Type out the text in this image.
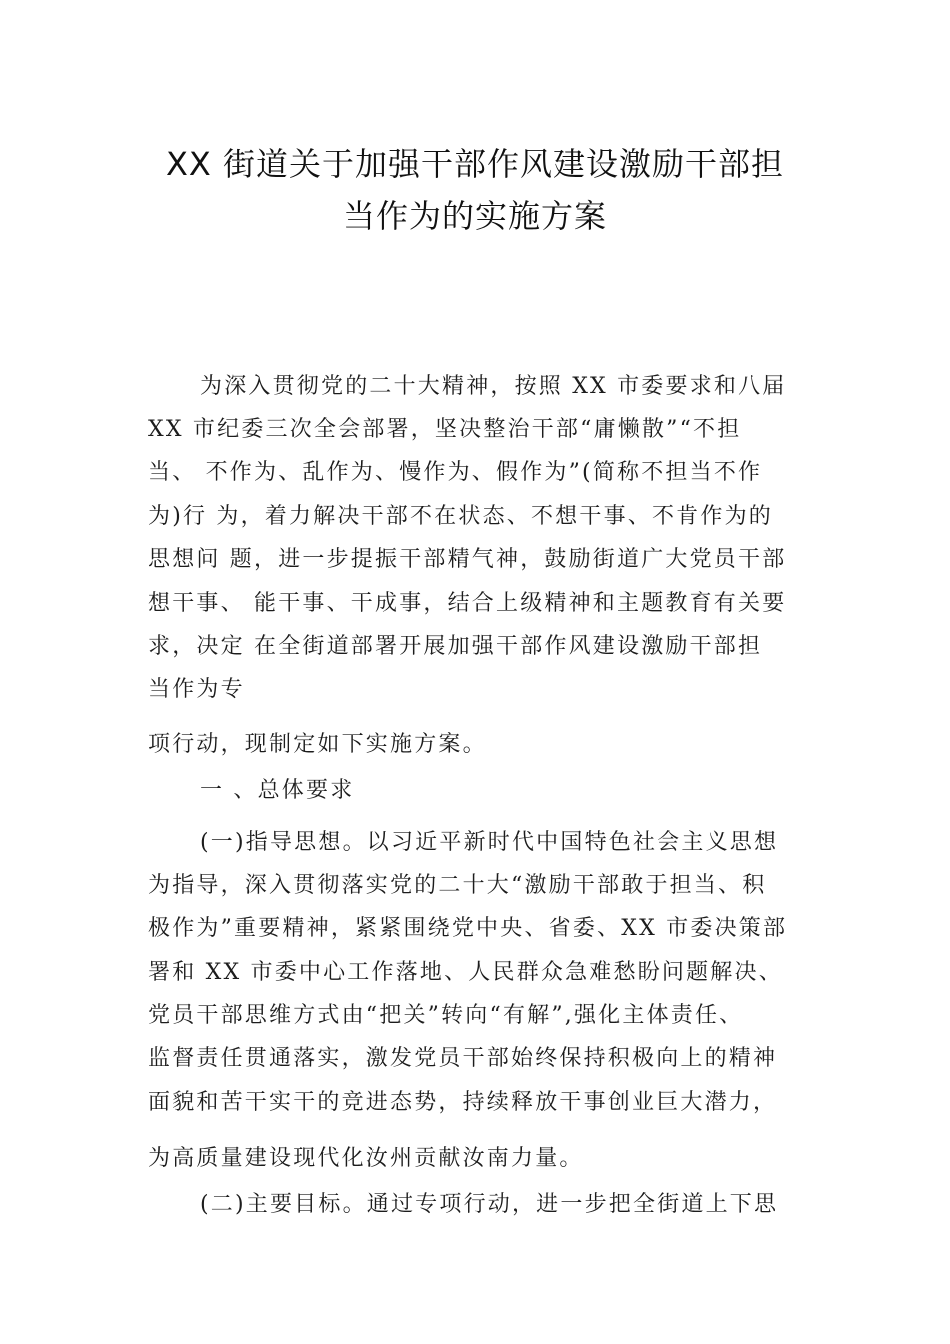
XX 街道关于加强干部作风建设激励干部担
当作为的实施方案
为深入贯彻党的二十大精神，按照 XX 市委要求和八届
XX 市纪委三次全会部署，坚决整治干部“庸懒散”“不担
当、 不作为、乱作为、慢作为、假作为”(简称不担当不作
为)行 为，着力解决干部不在状态、不想干事、不肯作为的
思想问 题，进一步提振干部精气神，鼓励街道广大党员干部
想干事、 能干事、干成事，结合上级精神和主题教育有关要
求，决定 在全街道部署开展加强干部作风建设激励干部担
当作为专
项行动，现制定如下实施方案。
一 、总体要求
(一)指导思想。以习近平新时代中国特色社会主义思想
为指导，深入贯彻落实党的二十大“激励干部敢于担当、积
极作为”重要精神，紧紧围绕党中央、省委、XX 市委决策部
署和 XX 市委中心工作落地、人民群众急难愁盼问题解决、
党员干部思维方式由“把关”转向“有解”,强化主体责任、
监督责任贯通落实，激发党员干部始终保持积极向上的精神
面貌和苦干实干的竞进态势，持续释放干事创业巨大潜力，
为高质量建设现代化汝州贡献汝南力量。
(二)主要目标。通过专项行动，进一步把全街道上下思
